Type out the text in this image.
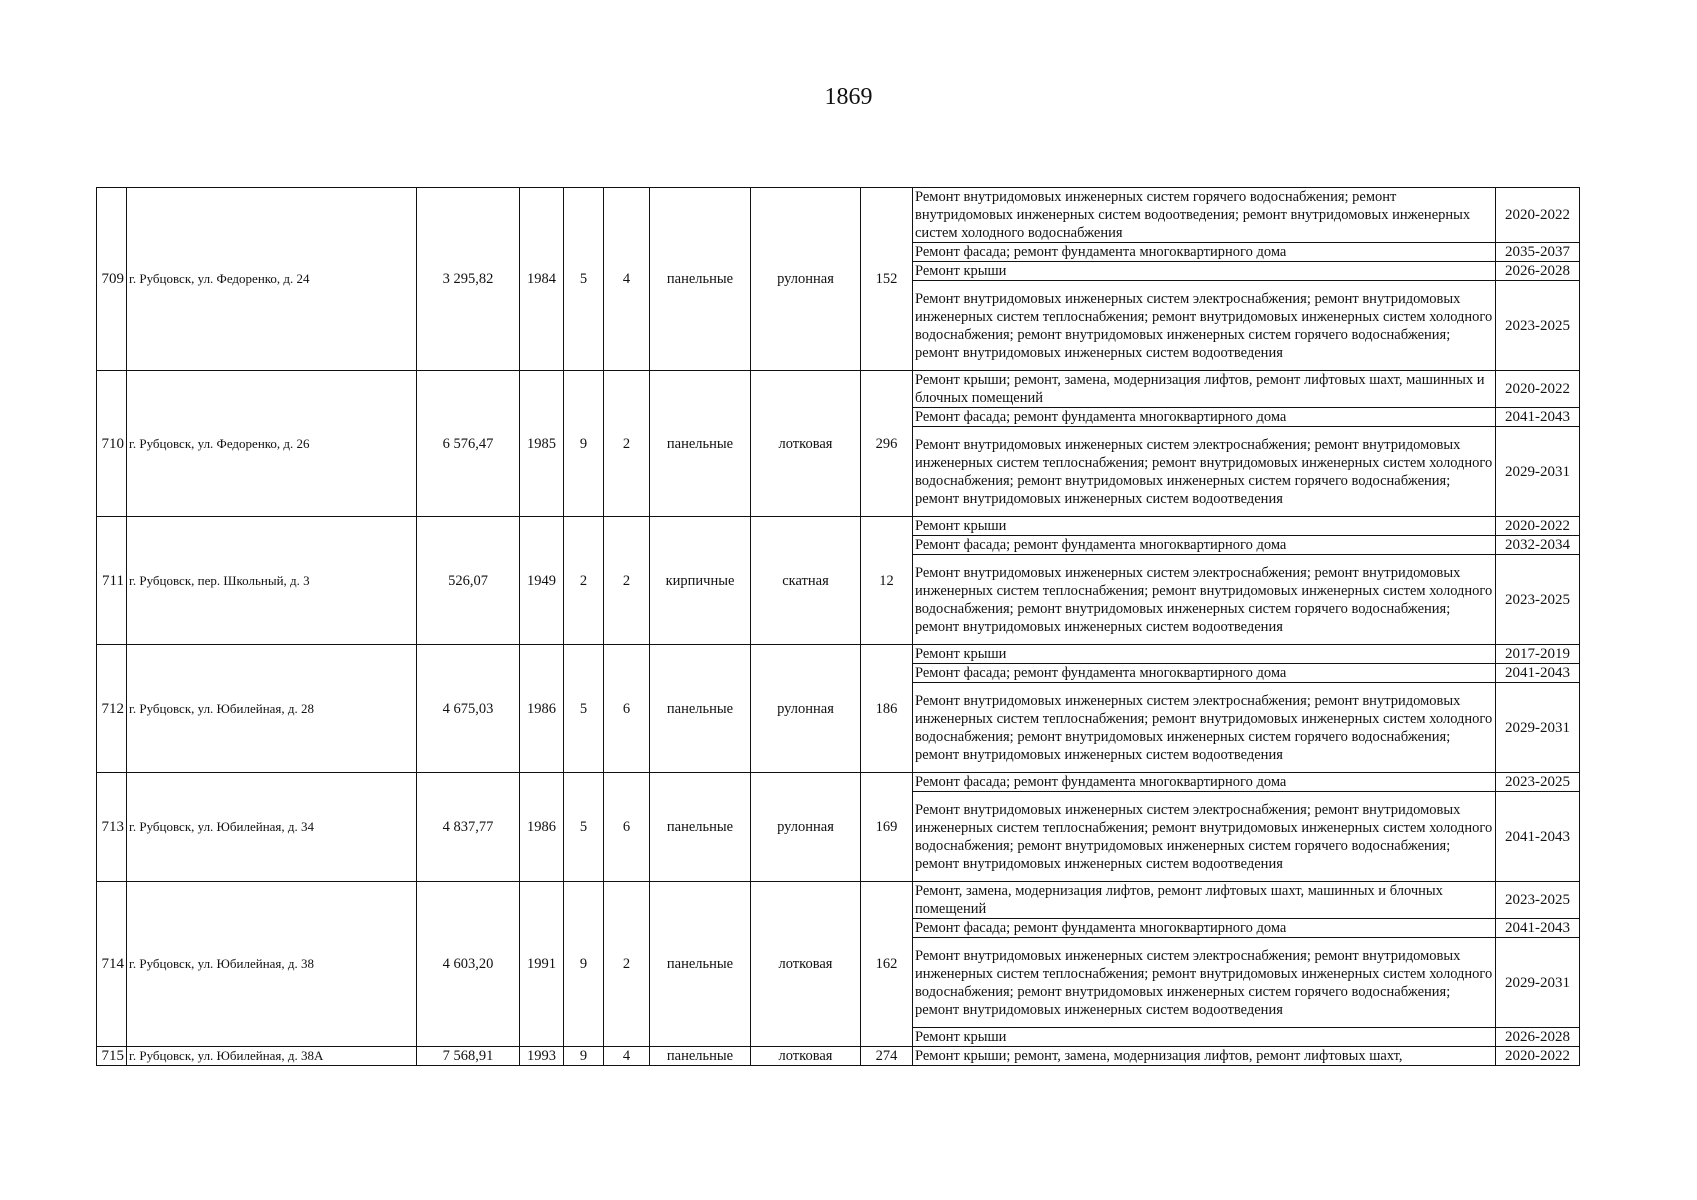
1869
709	г. Рубцовск, ул. Федоренко, д. 24	3 295,82	1984	5	4	панельные	рулонная	152	Ремонт внутридомовых инженерных систем горячего водоснабжения; ремонт внутридомовых инженерных систем водоотведения; ремонт внутридомовых инженерных систем холодного водоснабжения	2020-2022
									Ремонт фасада; ремонт фундамента многоквартирного дома	2035-2037
									Ремонт крыши	2026-2028
									Ремонт внутридомовых инженерных систем электроснабжения; ремонт внутридомовых инженерных систем теплоснабжения; ремонт внутридомовых инженерных систем холодного водоснабжения; ремонт внутридомовых инженерных систем горячего водоснабжения; ремонт внутридомовых инженерных систем водоотведения	2023-2025
710	г. Рубцовск, ул. Федоренко, д. 26	6 576,47	1985	9	2	панельные	лотковая	296	Ремонт крыши; ремонт, замена, модернизация лифтов, ремонт лифтовых шахт, машинных и блочных помещений	2020-2022
									Ремонт фасада; ремонт фундамента многоквартирного дома	2041-2043
									Ремонт внутридомовых инженерных систем электроснабжения; ремонт внутридомовых инженерных систем теплоснабжения; ремонт внутридомовых инженерных систем холодного водоснабжения; ремонт внутридомовых инженерных систем горячего водоснабжения; ремонт внутридомовых инженерных систем водоотведения	2029-2031
711	г. Рубцовск, пер. Школьный, д. 3	526,07	1949	2	2	кирпичные	скатная	12	Ремонт крыши	2020-2022
									Ремонт фасада; ремонт фундамента многоквартирного дома	2032-2034
									Ремонт внутридомовых инженерных систем электроснабжения; ремонт внутридомовых инженерных систем теплоснабжения; ремонт внутридомовых инженерных систем холодного водоснабжения; ремонт внутридомовых инженерных систем горячего водоснабжения; ремонт внутридомовых инженерных систем водоотведения	2023-2025
712	г. Рубцовск, ул. Юбилейная, д. 28	4 675,03	1986	5	6	панельные	рулонная	186	Ремонт крыши	2017-2019
									Ремонт фасада; ремонт фундамента многоквартирного дома	2041-2043
									Ремонт внутридомовых инженерных систем электроснабжения; ремонт внутридомовых инженерных систем теплоснабжения; ремонт внутридомовых инженерных систем холодного водоснабжения; ремонт внутридомовых инженерных систем горячего водоснабжения; ремонт внутридомовых инженерных систем водоотведения	2029-2031
713	г. Рубцовск, ул. Юбилейная, д. 34	4 837,77	1986	5	6	панельные	рулонная	169	Ремонт фасада; ремонт фундамента многоквартирного дома	2023-2025
									Ремонт внутридомовых инженерных систем электроснабжения; ремонт внутридомовых инженерных систем теплоснабжения; ремонт внутридомовых инженерных систем холодного водоснабжения; ремонт внутридомовых инженерных систем горячего водоснабжения; ремонт внутридомовых инженерных систем водоотведения	2041-2043
714	г. Рубцовск, ул. Юбилейная, д. 38	4 603,20	1991	9	2	панельные	лотковая	162	Ремонт, замена, модернизация лифтов, ремонт лифтовых шахт, машинных и блочных помещений	2023-2025
									Ремонт фасада; ремонт фундамента многоквартирного дома	2041-2043
									Ремонт внутридомовых инженерных систем электроснабжения; ремонт внутридомовых инженерных систем теплоснабжения; ремонт внутридомовых инженерных систем холодного водоснабжения; ремонт внутридомовых инженерных систем горячего водоснабжения; ремонт внутридомовых инженерных систем водоотведения	2029-2031
									Ремонт крыши	2026-2028
715	г. Рубцовск, ул. Юбилейная, д. 38А	7 568,91	1993	9	4	панельные	лотковая	274	Ремонт крыши; ремонт, замена, модернизация лифтов, ремонт лифтовых шахт,	2020-2022
